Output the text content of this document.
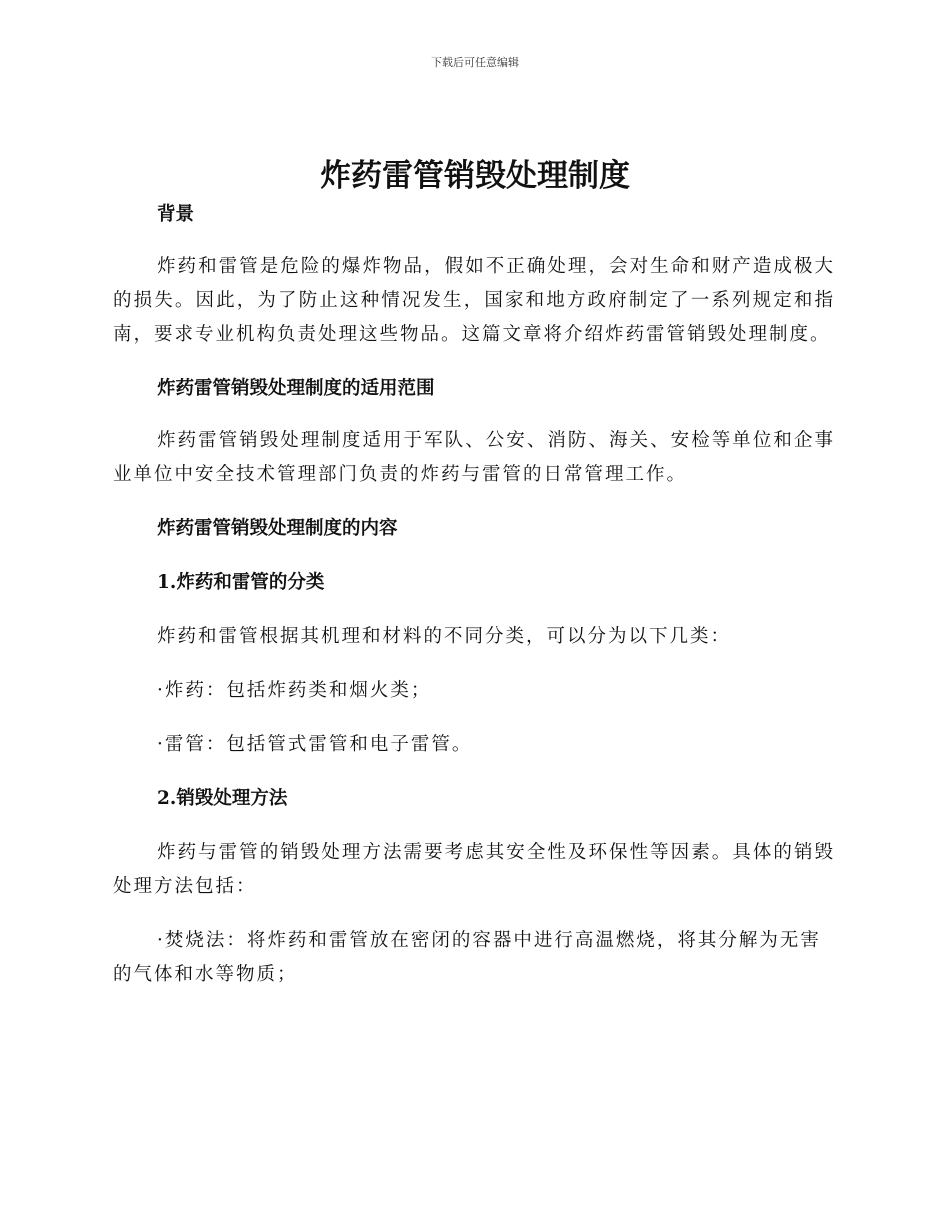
下载后可任意编辑
炸药雷管销毁处理制度
背景

炸药和雷管是危险的爆炸物品，假如不正确处理，会对生命和财产造成极大的损失。因此，为了防止这种情况发生，国家和地方政府制定了一系列规定和指南，要求专业机构负责处理这些物品。这篇文章将介绍炸药雷管销毁处理制度。

炸药雷管销毁处理制度的适用范围

炸药雷管销毁处理制度适用于军队、公安、消防、海关、安检等单位和企事业单位中安全技术管理部门负责的炸药与雷管的日常管理工作。

炸药雷管销毁处理制度的内容
1.炸药和雷管的分类

炸药和雷管根据其机理和材料的不同分类，可以分为以下几类：

·炸药：包括炸药类和烟火类；

·雷管：包括管式雷管和电子雷管。

2.销毁处理方法

炸药与雷管的销毁处理方法需要考虑其安全性及环保性等因素。具体的销毁处理方法包括：

·焚烧法：将炸药和雷管放在密闭的容器中进行高温燃烧，将其分解为无害的气体和水等物质；
